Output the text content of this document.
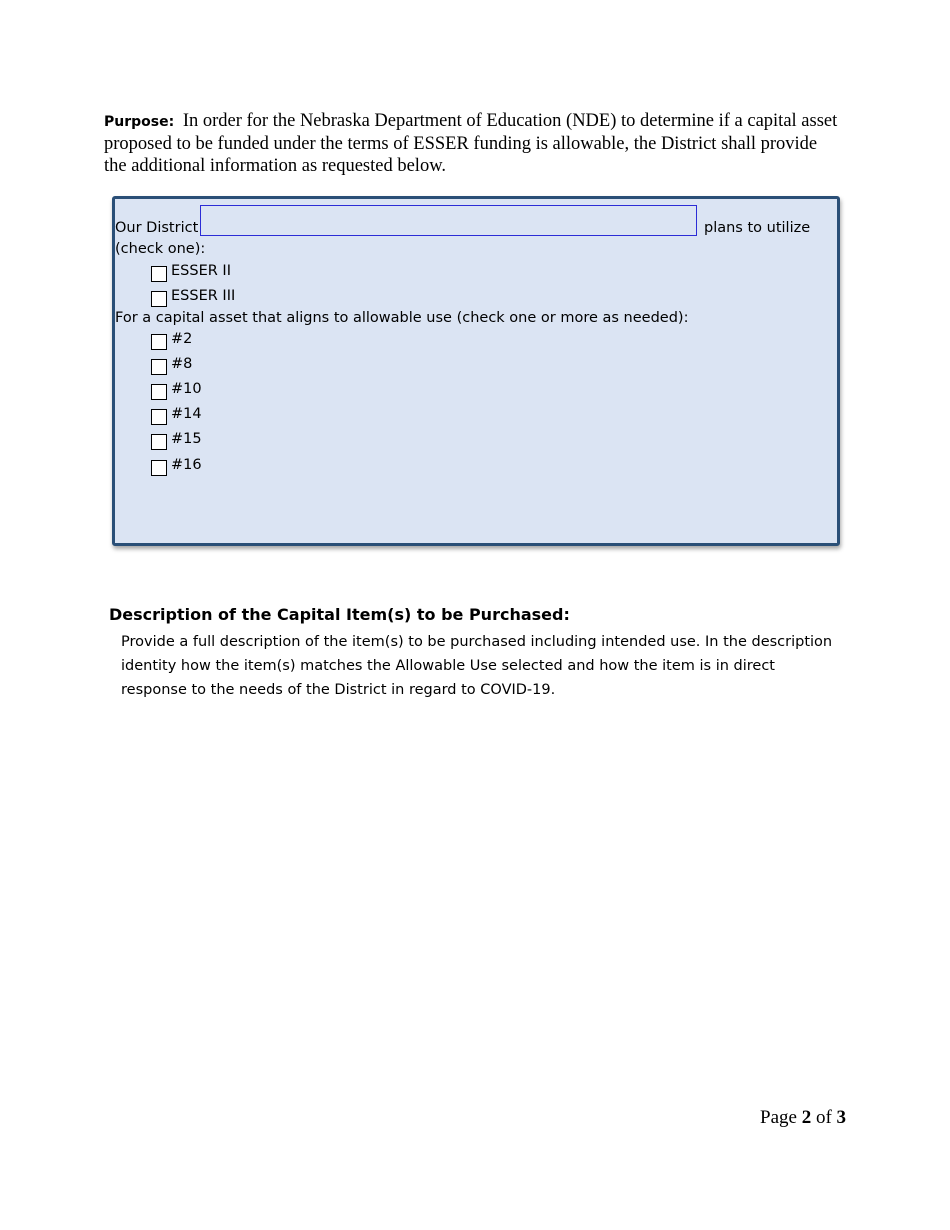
Purpose: In order for the Nebraska Department of Education (NDE) to determine if a capital asset proposed to be funded under the terms of ESSER funding is allowable, the District shall provide the additional information as requested below.
Our District	plans to utilize
(check one):
ESSER II
ESSER III
For a capital asset that aligns to allowable use (check one or more as needed):
#2
#8
#10
#14
#15
#16
Description of the Capital Item(s) to be Purchased:
Provide a full description of the item(s) to be purchased including intended use. In the description identity how the item(s) matches the Allowable Use selected and how the item is in direct response to the needs of the District in regard to COVID-19.
Page 2 of 3
